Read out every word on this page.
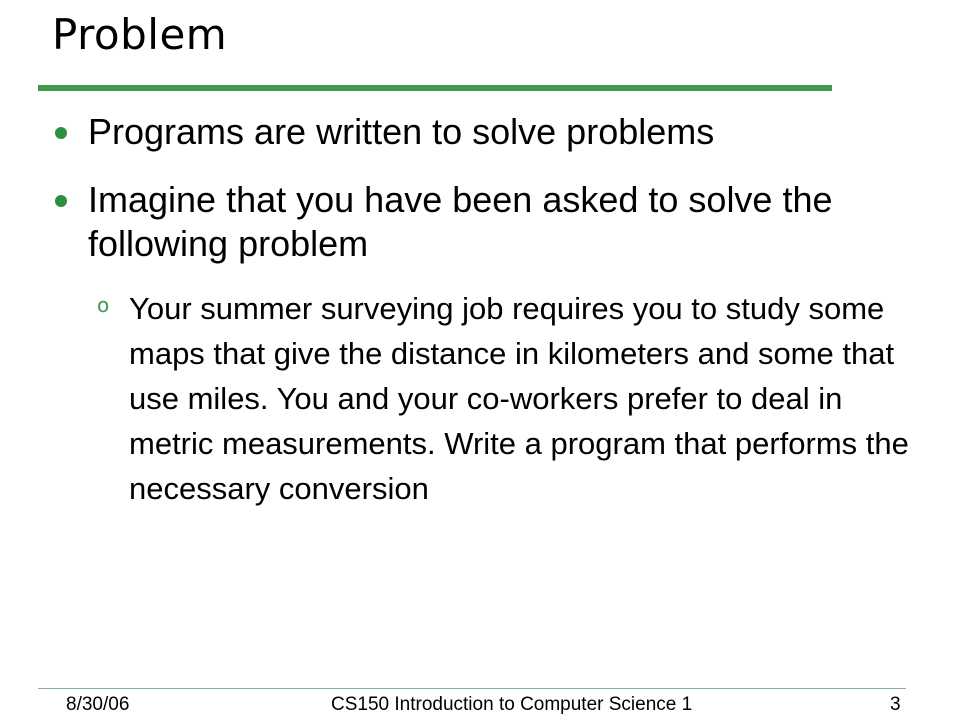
Problem
Programs are written to solve problems
Imagine that you have been asked to solve the following problem
o Your summer surveying job requires you to study some maps that give the distance in kilometers and some that use miles. You and your co-workers prefer to deal in metric measurements. Write a program that performs the necessary conversion
8/30/06	CS150 Introduction to Computer Science 1	3
